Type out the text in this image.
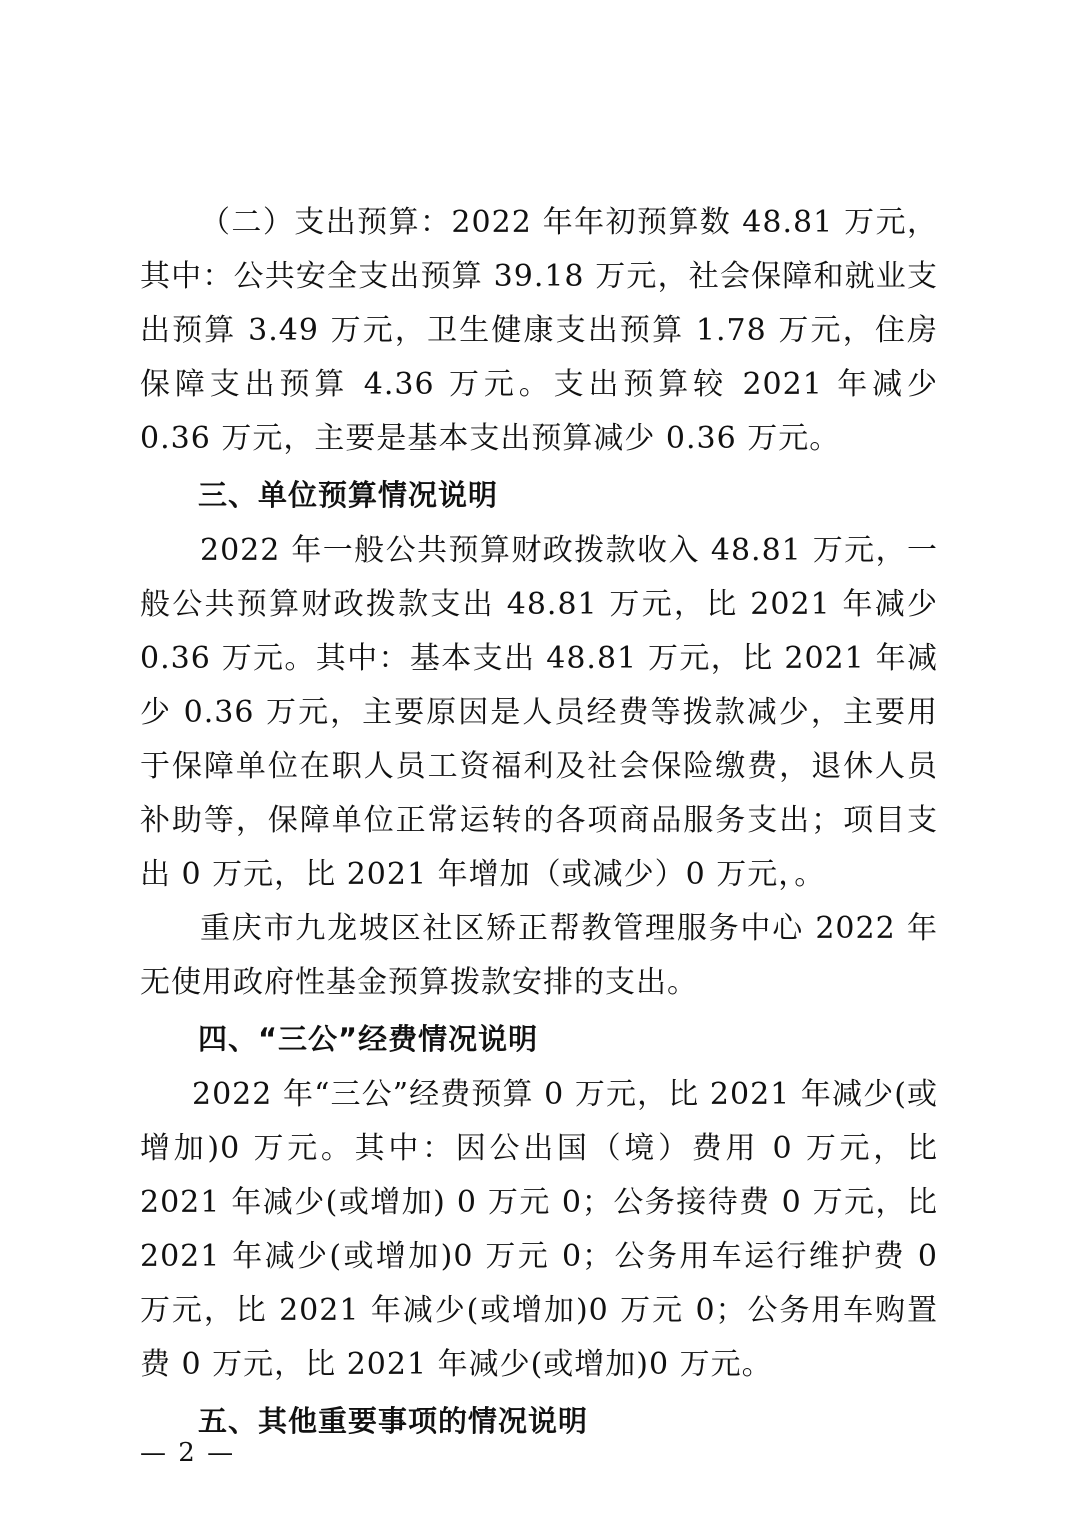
（二）支出预算：2022 年年初预算数 48.81 万元，其中：公共安全支出预算 39.18 万元，社会保障和就业支出预算 3.49 万元，卫生健康支出预算 1.78 万元，住房保障支出预算 4.36 万元。支出预算较 2021 年减少 0.36 万元，主要是基本支出预算减少 0.36 万元。

三、单位预算情况说明

2022 年一般公共预算财政拨款收入 48.81 万元，一般公共预算财政拨款支出 48.81 万元，比 2021 年减少 0.36 万元。其中：基本支出 48.81 万元，比 2021 年减少 0.36 万元，主要原因是人员经费等拨款减少，主要用于保障单位在职人员工资福利及社会保险缴费，退休人员补助等，保障单位正常运转的各项商品服务支出；项目支出 0 万元，比 2021 年增加（或减少）0 万元，。

重庆市九龙坡区社区矫正帮教管理服务中心 2022 年无使用政府性基金预算拨款安排的支出。

四、“三公”经费情况说明

2022 年“三公”经费预算 0 万元，比 2021 年减少(或增加)0 万元。其中：因公出国（境）费用 0 万元，比 2021 年减少(或增加) 0 万元 0；公务接待费 0 万元，比 2021 年减少(或增加)0 万元 0；公务用车运行维护费 0 万元，比 2021 年减少(或增加)0 万元 0；公务用车购置费 0 万元，比 2021 年减少(或增加)0 万元。

五、其他重要事项的情况说明
— 2 —
